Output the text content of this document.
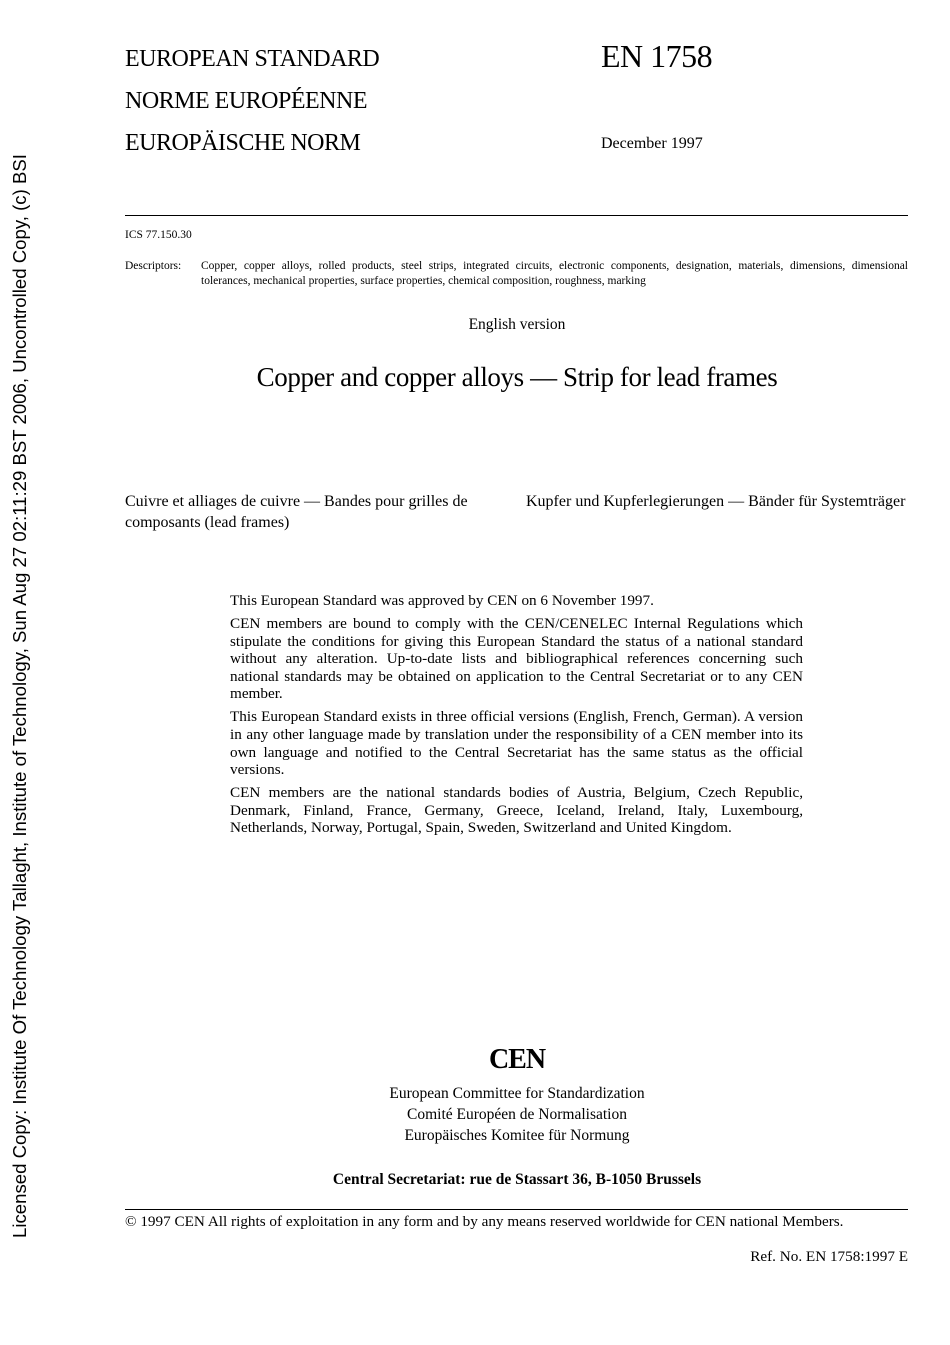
Licensed Copy: Institute Of Technology Tallaght, Institute of Technology, Sun Aug 27 02:11:29 BST 2006, Uncontrolled Copy, (c) BSI
EUROPEAN STANDARD
NORME EUROPÉENNE
EUROPÄISCHE NORM
EN 1758
December 1997
ICS 77.150.30
Descriptors:	Copper, copper alloys, rolled products, steel strips, integrated circuits, electronic components, designation, materials, dimensions, dimensional tolerances, mechanical properties, surface properties, chemical composition, roughness, marking
English version
Copper and copper alloys — Strip for lead frames
Cuivre et alliages de cuivre — Bandes pour grilles de composants (lead frames)
Kupfer und Kupferlegierungen — Bänder für Systemträger

This European Standard was approved by CEN on 6 November 1997.

CEN members are bound to comply with the CEN/CENELEC Internal Regulations which stipulate the conditions for giving this European Standard the status of a national standard without any alteration. Up-to-date lists and bibliographical references concerning such national standards may be obtained on application to the Central Secretariat or to any CEN member.

This European Standard exists in three official versions (English, French, German). A version in any other language made by translation under the responsibility of a CEN member into its own language and notified to the Central Secretariat has the same status as the official versions.

CEN members are the national standards bodies of Austria, Belgium, Czech Republic, Denmark, Finland, France, Germany, Greece, Iceland, Ireland, Italy, Luxembourg, Netherlands, Norway, Portugal, Spain, Sweden, Switzerland and United Kingdom.

CEN
European Committee for Standardization
Comité Européen de Normalisation
Europäisches Komitee für Normung
Central Secretariat: rue de Stassart 36, B-1050 Brussels
© 1997 CEN All rights of exploitation in any form and by any means reserved worldwide for CEN national Members.
Ref. No. EN 1758:1997 E
